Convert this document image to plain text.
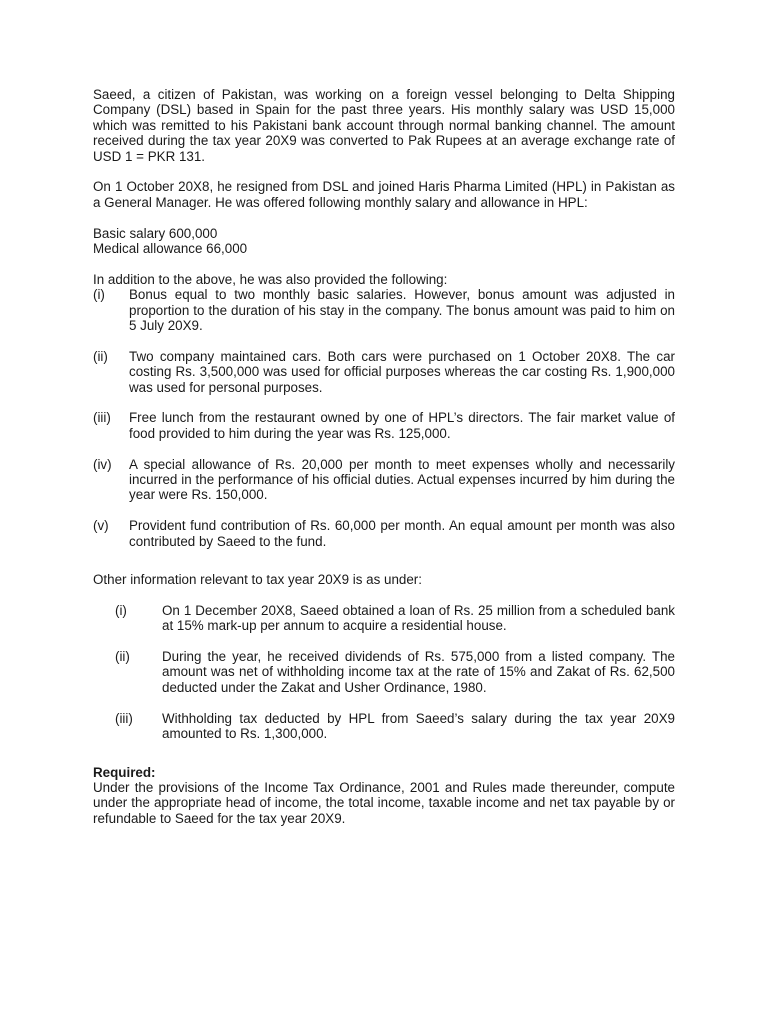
Saeed, a citizen of Pakistan, was working on a foreign vessel belonging to Delta Shipping Company (DSL) based in Spain for the past three years. His monthly salary was USD 15,000 which was remitted to his Pakistani bank account through normal banking channel. The amount received during the tax year 20X9 was converted to Pak Rupees at an average exchange rate of USD 1 = PKR 131.

On 1 October 20X8, he resigned from DSL and joined Haris Pharma Limited (HPL) in Pakistan as a General Manager. He was offered following monthly salary and allowance in HPL:

Basic salary 600,000

Medical allowance 66,000

In addition to the above, he was also provided the following:

(i) Bonus equal to two monthly basic salaries. However, bonus amount was adjusted in proportion to the duration of his stay in the company. The bonus amount was paid to him on 5 July 20X9.
(ii) Two company maintained cars. Both cars were purchased on 1 October 20X8. The car costing Rs. 3,500,000 was used for official purposes whereas the car costing Rs. 1,900,000 was used for personal purposes.
(iii) Free lunch from the restaurant owned by one of HPL’s directors. The fair market value of food provided to him during the year was Rs. 125,000.
(iv) A special allowance of Rs. 20,000 per month to meet expenses wholly and necessarily incurred in the performance of his official duties. Actual expenses incurred by him during the year were Rs. 150,000.
(v) Provident fund contribution of Rs. 60,000 per month. An equal amount per month was also contributed by Saeed to the fund.

Other information relevant to tax year 20X9 is as under:

(i)	On 1 December 20X8, Saeed obtained a loan of Rs. 25 million from a scheduled bank at 15% mark-up per annum to acquire a residential house.
(ii) During the year, he received dividends of Rs. 575,000 from a listed company. The amount was net of withholding income tax at the rate of 15% and Zakat of Rs. 62,500 deducted under the Zakat and Usher Ordinance, 1980.
(iii) Withholding tax deducted by HPL from Saeed’s salary during the tax year 20X9 amounted to Rs. 1,300,000.

Required:

Under the provisions of the Income Tax Ordinance, 2001 and Rules made thereunder, compute under the appropriate head of income, the total income, taxable income and net tax payable by or refundable to Saeed for the tax year 20X9.
